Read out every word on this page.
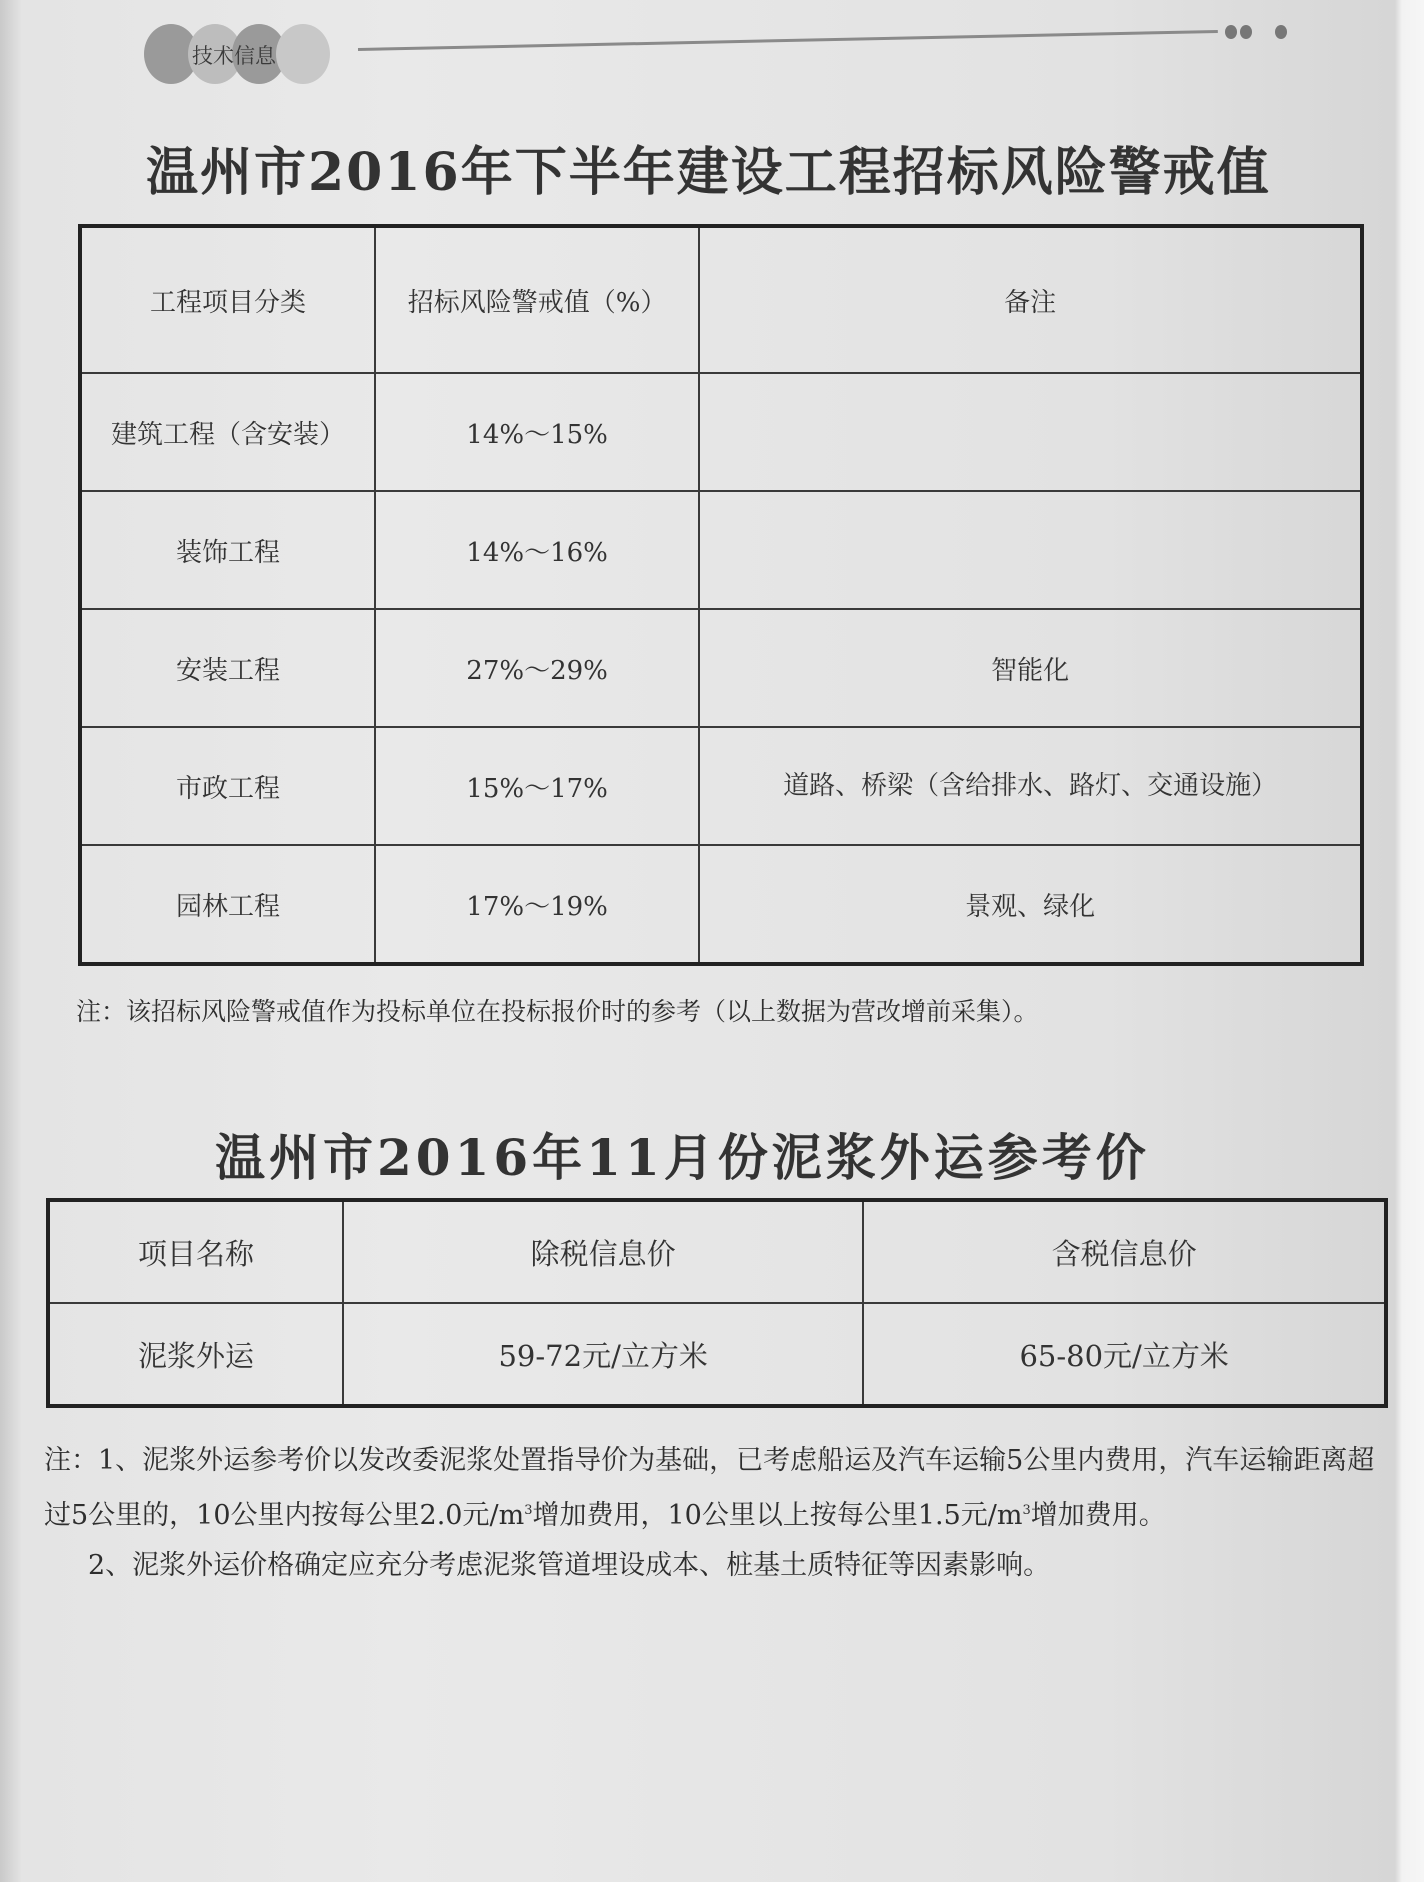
技术信息
温州市2016年下半年建设工程招标风险警戒值
工程项目分类	招标风险警戒值（%）	备注
建筑工程（含安装）	14%～15%	
装饰工程	14%～16%	
安装工程	27%～29%	智能化
市政工程	15%～17%	道路、桥梁（含给排水、路灯、交通设施）
园林工程	17%～19%	景观、绿化
注：该招标风险警戒值作为投标单位在投标报价时的参考（以上数据为营改增前采集）。
温州市2016年11月份泥浆外运参考价
项目名称	除税信息价	含税信息价
泥浆外运	59-72元/立方米	65-80元/立方米

注：1、泥浆外运参考价以发改委泥浆处置指导价为基础，已考虑船运及汽车运输5公里内费用，汽车运输距离超过5公里的，10公里内按每公里2.0元$/m^3$增加费用，10公里以上按每公里1.5元$/m^3$增加费用。

2、泥浆外运价格确定应充分考虑泥浆管道埋设成本、桩基土质特征等因素影响。
